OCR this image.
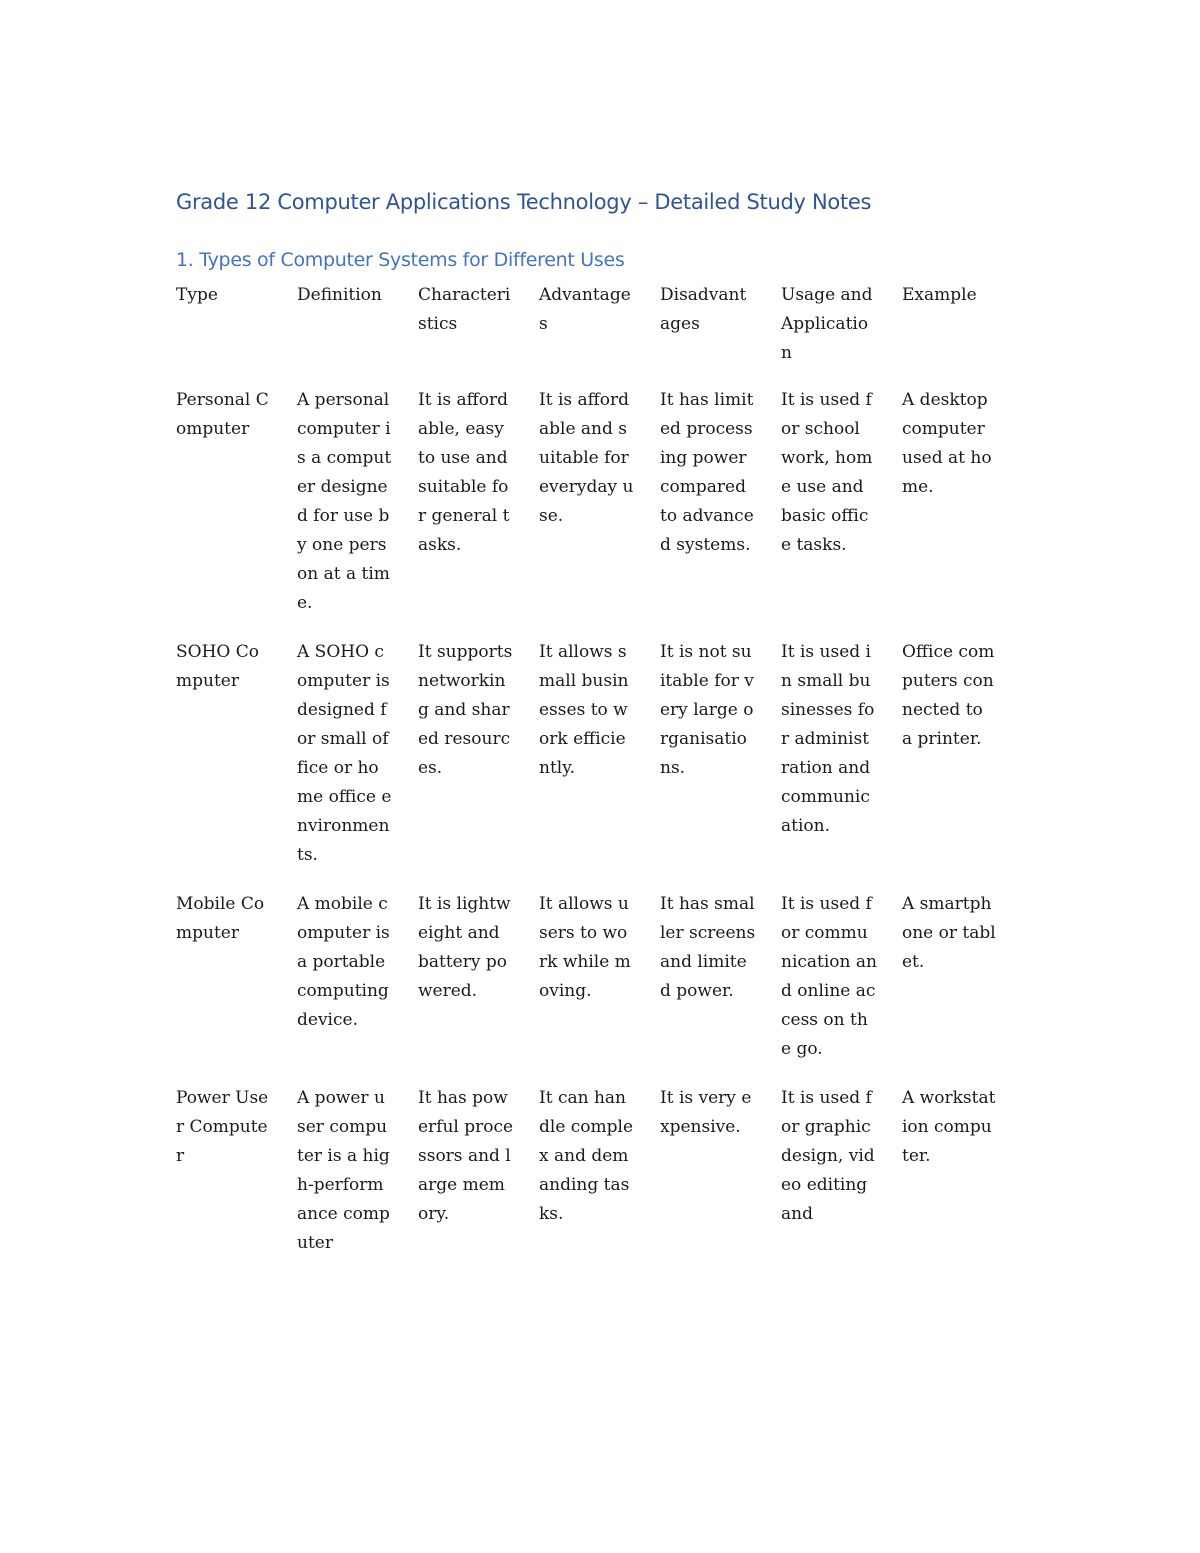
Grade 12 Computer Applications Technology – Detailed Study Notes
1. Types of Computer Systems for Different Uses
Type	Definition	Characteristics	Advantages	Disadvantages	Usage and Application	Example

Personal Computer	A personal computer is a computer designed for use by one person at a time.	It is affordable, easy to use and suitable for general tasks.	It is affordable and suitable for everyday use.	It has limited processing power compared to advanced systems.	It is used for school work, home use and basic office tasks.	A desktop computer used at home.

SOHO Computer	A SOHO computer is designed for small office or home office environments.	It supports networking and shared resources.	It allows small businesses to work efficiently.	It is not suitable for very large organisations.	It is used in small businesses for administration and communication.	Office computers connected to a printer.

Mobile Computer	A mobile computer is a portable computing device.	It is lightweight and battery powered.	It allows users to work while moving.	It has smaller screens and limited power.	It is used for communication and online access on the go.	A smartphone or tablet.

Power User Computer	A power user computer is a high-performance computer	It has powerful processors and large memory.	It can handle complex and demanding tasks.	It is very expensive.	It is used for graphic design, video editing and	A workstation computer.
